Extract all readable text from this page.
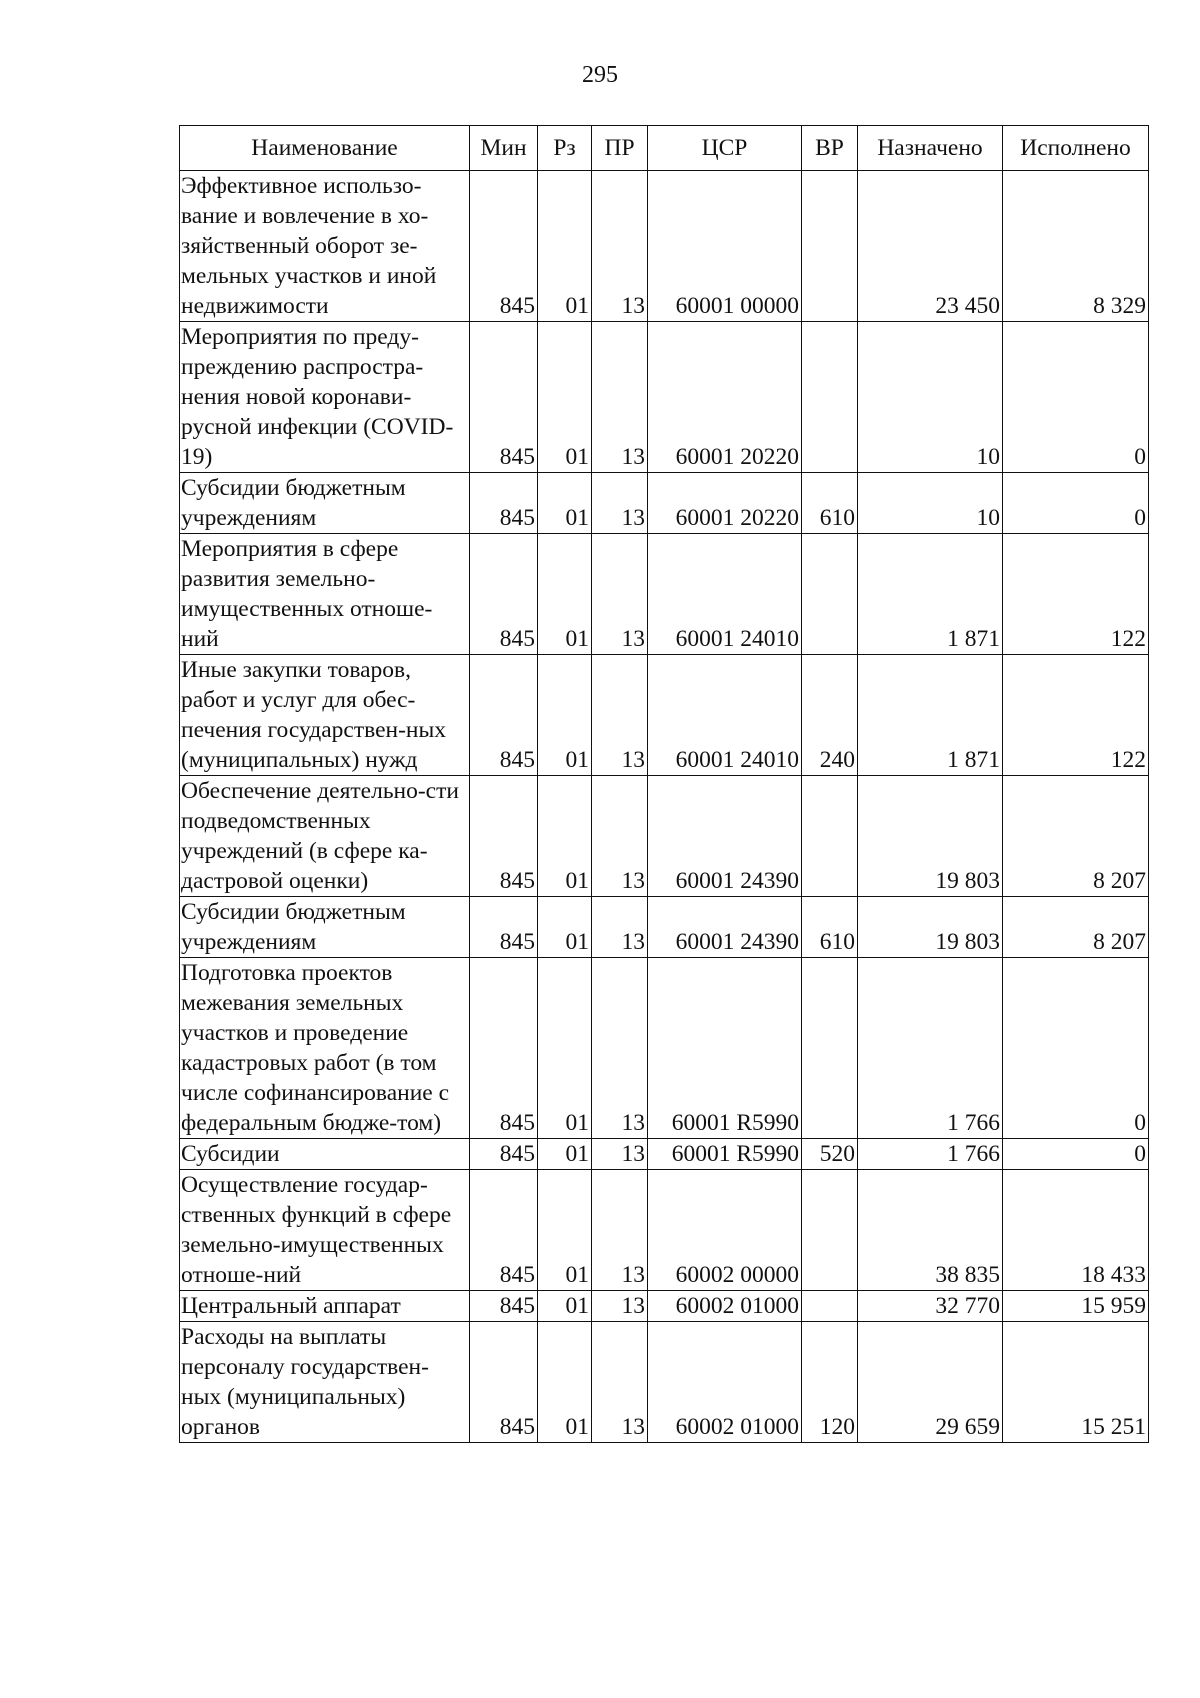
295
Наименование	Мин	Рз	ПР	ЦСР	ВР	Назначено	Исполнено
Эффективное использо-вание и вовлечение в хо-зяйственный оборот зе-мельных участков и иной недвижимости	845	01	13	60001 00000		23 450	8 329
Мероприятия по преду-преждению распростра-нения новой коронави-русной инфекции (COVID-19)	845	01	13	60001 20220		10	0
Субсидии бюджетным учреждениям	845	01	13	60001 20220	610	10	0
Мероприятия в сфере развития земельно-имущественных отноше-ний	845	01	13	60001 24010		1 871	122
Иные закупки товаров, работ и услуг для обес-печения государствен-ных (муниципальных) нужд	845	01	13	60001 24010	240	1 871	122
Обеспечение деятельно-сти подведомственных учреждений (в сфере ка-дастровой оценки)	845	01	13	60001 24390		19 803	8 207
Субсидии бюджетным учреждениям	845	01	13	60001 24390	610	19 803	8 207
Подготовка проектов межевания земельных участков и проведение кадастровых работ (в том числе софинансирование с федеральным бюдже-том)	845	01	13	60001 R5990		1 766	0
Субсидии	845	01	13	60001 R5990	520	1 766	0
Осуществление государ-ственных функций в сфере земельно-имущественных отноше-ний	845	01	13	60002 00000		38 835	18 433
Центральный аппарат	845	01	13	60002 01000		32 770	15 959
Расходы на выплаты персоналу государствен-ных (муниципальных) органов	845	01	13	60002 01000	120	29 659	15 251
